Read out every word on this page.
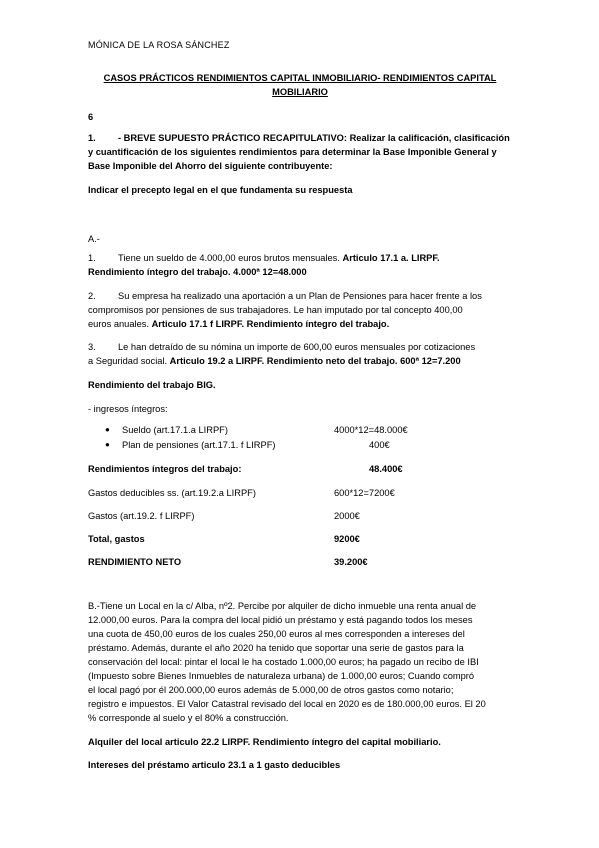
MÓNICA DE LA ROSA SÁNCHEZ
CASOS PRÁCTICOS RENDIMIENTOS CAPITAL INMOBILIARIO- RENDIMIENTOS CAPITAL
MOBILIARIO
6
1. - BREVE SUPUESTO PRÁCTICO RECAPITULATIVO: Realizar la calificación, clasificación
y cuantificación de los siguientes rendimientos para determinar la Base Imponible General y
Base Imponible del Ahorro del siguiente contribuyente:
Indicar el precepto legal en el que fundamenta su respuesta
A.-
1. Tiene un sueldo de 4.000,00 euros brutos mensuales. Articulo 17.1 a. LIRPF.
Rendimiento íntegro del trabajo. 4.000ª 12=48.000
2. Su empresa ha realizado una aportación a un Plan de Pensiones para hacer frente a los
compromisos por pensiones de sus trabajadores. Le han imputado por tal concepto 400,00
euros anuales. Articulo 17.1 f LIRPF. Rendimiento íntegro del trabajo.
3. Le han detraído de su nómina un importe de 600,00 euros mensuales por cotizaciones
a Seguridad social. Articulo 19.2 a LIRPF. Rendimiento neto del trabajo. 600ª 12=7.200
Rendimiento del trabajo BIG.
- ingresos íntegros:
● Sueldo (art.17.1.a LIRPF)	4000*12=48.000€
● Plan de pensiones (art.17.1. f LIRPF)	400€
Rendimientos íntegros del trabajo:	48.400€
Gastos deducibles ss. (art.19.2.a LIRPF)	600*12=7200€
Gastos (art.19.2. f LIRPF)	2000€
Total, gastos	9200€
RENDIMIENTO NETO	39.200€
B.-Tiene un Local en la c/ Alba, nº2. Percibe por alquiler de dicho inmueble una renta anual de
12.000,00 euros. Para la compra del local pidió un préstamo y está pagando todos los meses
una cuota de 450,00 euros de los cuales 250,00 euros al mes corresponden a intereses del
préstamo. Además, durante el año 2020 ha tenido que soportar una serie de gastos para la
conservación del local: pintar el local le ha costado 1.000,00 euros; ha pagado un recibo de IBI
(Impuesto sobre Bienes Inmuebles de naturaleza urbana) de 1.000,00 euros; Cuando compró
el local pagó por él 200.000,00 euros además de 5.000,00 de otros gastos como notario;
registro e impuestos. El Valor Catastral revisado del local en 2020 es de 180.000,00 euros. El 20
% corresponde al suelo y el 80% a construcción.
Alquiler del local articulo 22.2 LIRPF. Rendimiento íntegro del capital mobiliario.
Intereses del préstamo articulo 23.1 a 1 gasto deducibles
